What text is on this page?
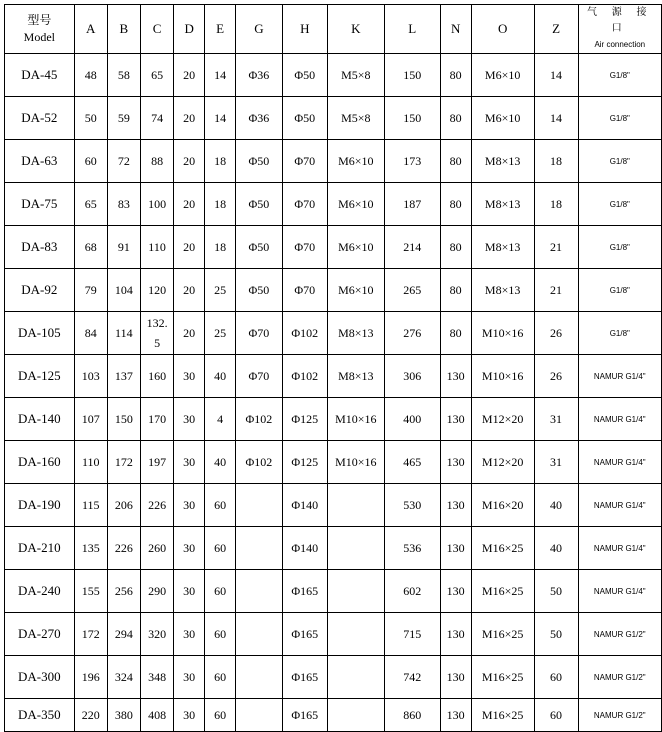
型号
Model	A	B	C	D	E	G	H	K	L	N	O	Z	气 源 接 口
Air connection

DA-45	48	58	65	20	14	Φ36	Φ50	M5×8	150	80	M6×10	14	G1/8"
DA-52	50	59	74	20	14	Φ36	Φ50	M5×8	150	80	M6×10	14	G1/8"
DA-63	60	72	88	20	18	Φ50	Φ70	M6×10	173	80	M8×13	18	G1/8"
DA-75	65	83	100	20	18	Φ50	Φ70	M6×10	187	80	M8×13	18	G1/8"
DA-83	68	91	110	20	18	Φ50	Φ70	M6×10	214	80	M8×13	21	G1/8"
DA-92	79	104	120	20	25	Φ50	Φ70	M6×10	265	80	M8×13	21	G1/8"
DA-105	84	114	132.5	20	25	Φ70	Φ102	M8×13	276	80	M10×16	26	G1/8"
DA-125	103	137	160	30	40	Φ70	Φ102	M8×13	306	130	M10×16	26	NAMUR G1/4"
DA-140	107	150	170	30	4	Φ102	Φ125	M10×16	400	130	M12×20	31	NAMUR G1/4"
DA-160	110	172	197	30	40	Φ102	Φ125	M10×16	465	130	M12×20	31	NAMUR G1/4"
DA-190	115	206	226	30	60		Φ140		530	130	M16×20	40	NAMUR G1/4"
DA-210	135	226	260	30	60		Φ140		536	130	M16×25	40	NAMUR G1/4"
DA-240	155	256	290	30	60		Φ165		602	130	M16×25	50	NAMUR G1/4"
DA-270	172	294	320	30	60		Φ165		715	130	M16×25	50	NAMUR G1/2"
DA-300	196	324	348	30	60		Φ165		742	130	M16×25	60	NAMUR G1/2"
DA-350	220	380	408	30	60		Φ165		860	130	M16×25	60	NAMUR G1/2"
